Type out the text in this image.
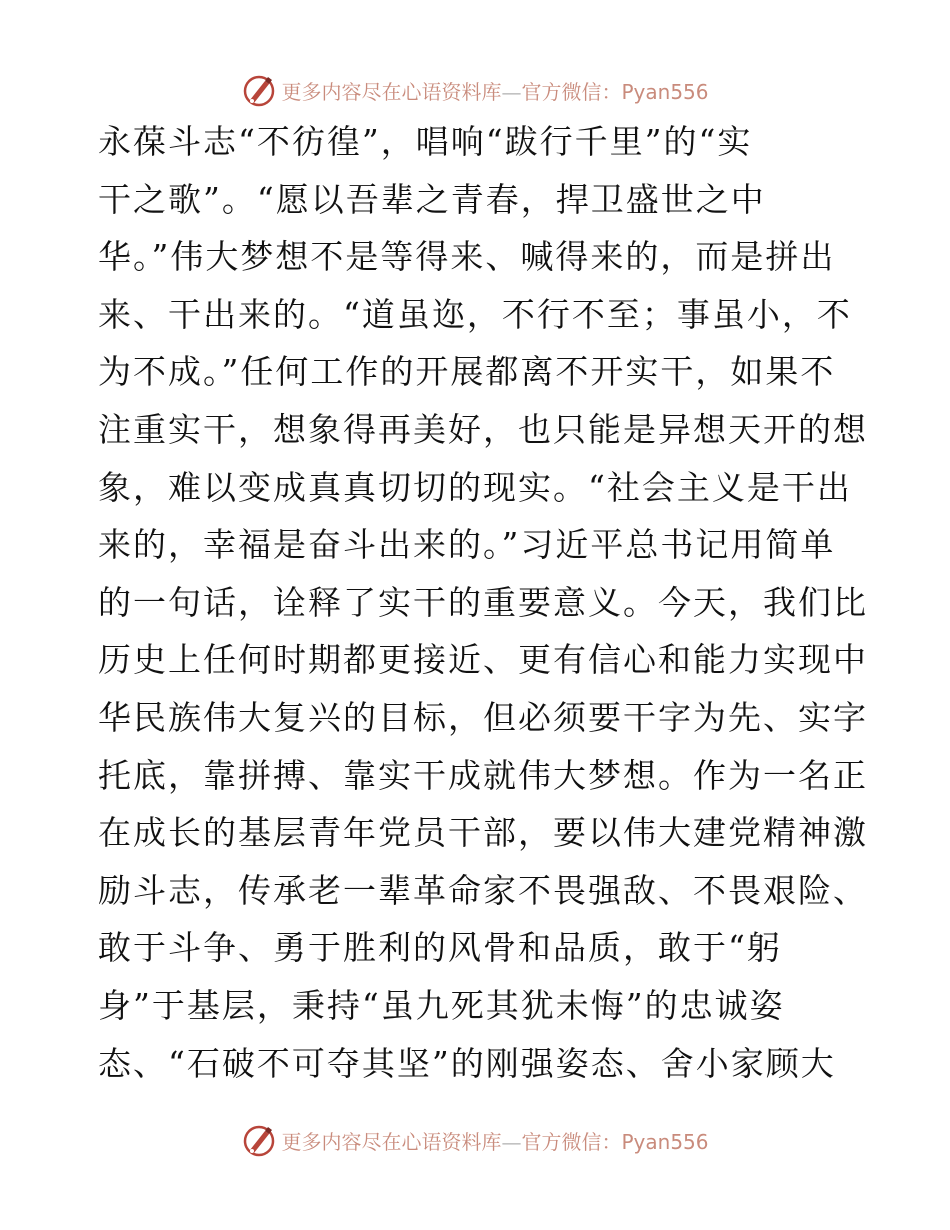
更多内容尽在心语资料库—官方微信：Pyan556
永葆斗志“不彷徨”，唱响“跋行千里”的“实
干之歌”。“愿以吾辈之青春，捍卫盛世之中
华。”伟大梦想不是等得来、喊得来的，而是拼出
来、干出来的。“道虽迩，不行不至；事虽小，不
为不成。”任何工作的开展都离不开实干，如果不
注重实干，想象得再美好，也只能是异想天开的想
象，难以变成真真切切的现实。“社会主义是干出
来的，幸福是奋斗出来的。”习近平总书记用简单
的一句话，诠释了实干的重要意义。今天，我们比
历史上任何时期都更接近、更有信心和能力实现中
华民族伟大复兴的目标，但必须要干字为先、实字
托底，靠拼搏、靠实干成就伟大梦想。作为一名正
在成长的基层青年党员干部，要以伟大建党精神激
励斗志，传承老一辈革命家不畏强敌、不畏艰险、
敢于斗争、勇于胜利的风骨和品质，敢于“躬
身”于基层，秉持“虽九死其犹未悔”的忠诚姿
态、“石破不可夺其坚”的刚强姿态、舍小家顾大
更多内容尽在心语资料库—官方微信：Pyan556
